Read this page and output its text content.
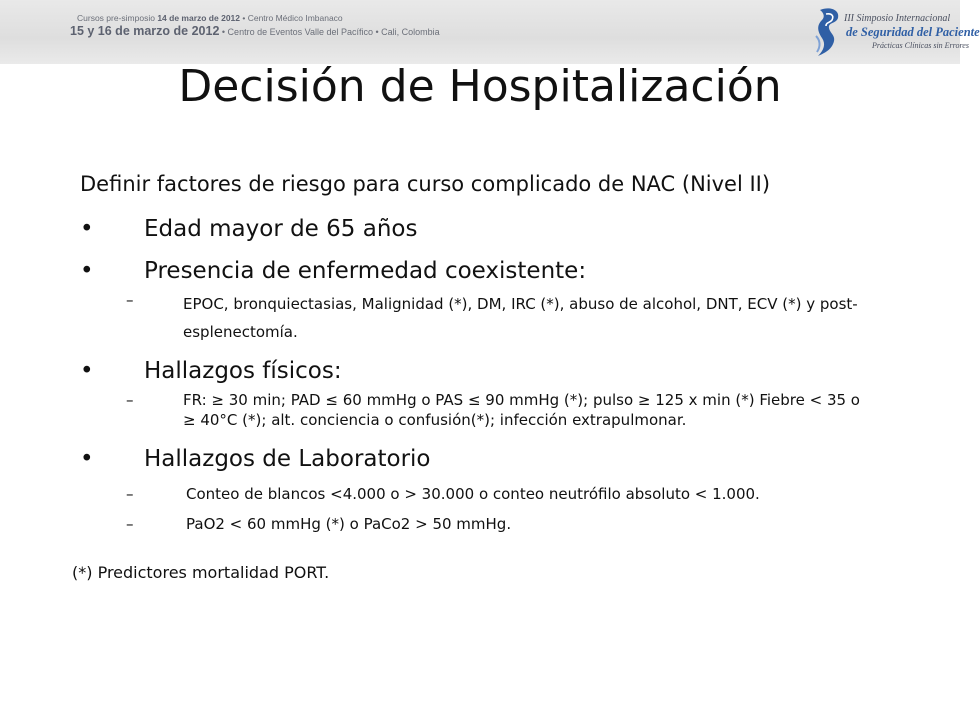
Cursos pre-simposio 14 de marzo de 2012 • Centro Médico Imbanaco
15 y 16 de marzo de 2012 • Centro de Eventos Valle del Pacífico • Cali, Colombia
III Simposio Internacional
de Seguridad del Paciente
Prácticas Clínicas sin Errores
Decisión de Hospitalización

Definir factores de riesgo para curso complicado de NAC (Nivel II)

• Edad mayor de 65 años
• Presencia de enfermedad coexistente:
–	EPOC, bronquiectasias, Malignidad (*), DM, IRC (*), abuso de alcohol, DNT, ECV (*) y post-esplenectomía.
• Hallazgos físicos:
–	FR: ≥ 30 min; PAD ≤ 60 mmHg o PAS ≤ 90 mmHg (*); pulso ≥ 125 x min (*) Fiebre < 35 o ≥ 40°C (*); alt. conciencia o confusión(*); infección extrapulmonar.
• Hallazgos de Laboratorio
–	Conteo de blancos <4.000 o > 30.000 o conteo neutrófilo absoluto < 1.000.
–	PaO2 < 60 mmHg (*) o PaCo2 > 50 mmHg.
(*) Predictores mortalidad PORT.
